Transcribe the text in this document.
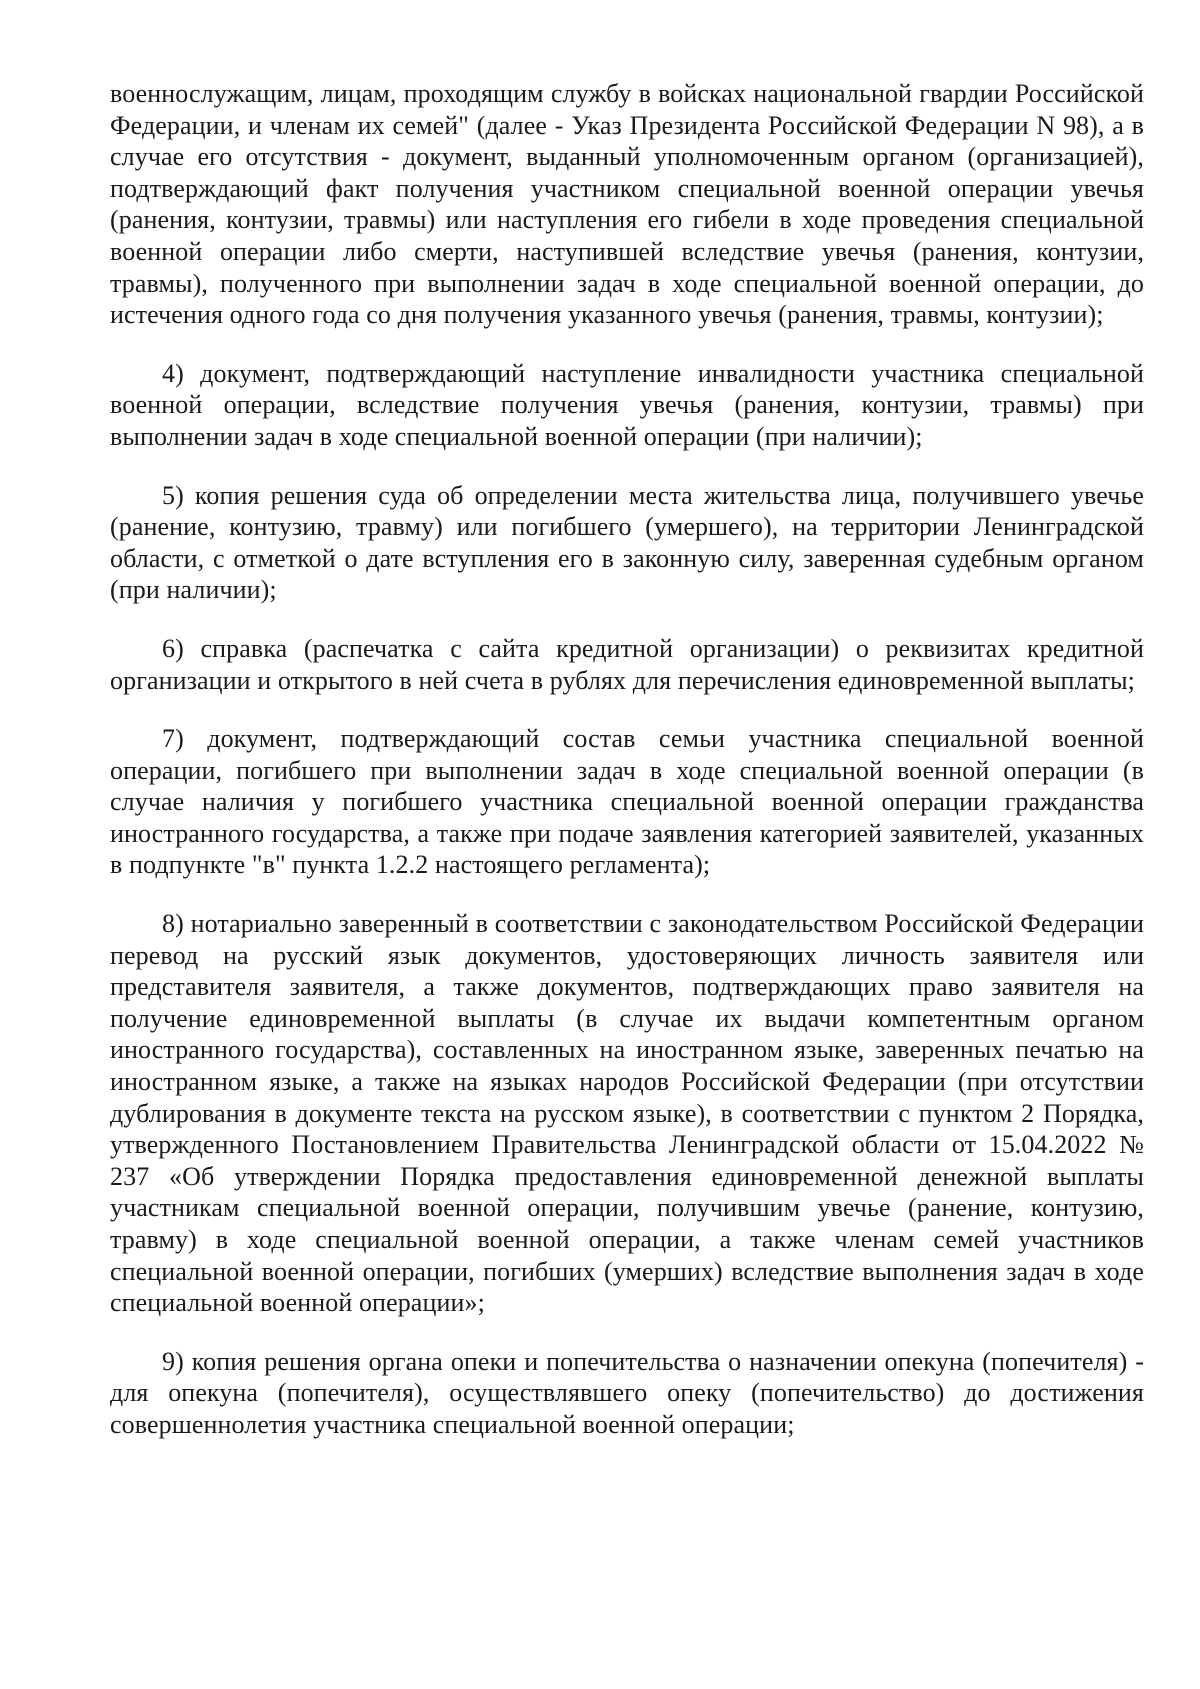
военнослужащим, лицам, проходящим службу в войсках национальной гвардии Российской Федерации, и членам их семей" (далее - Указ Президента Российской Федерации N 98), а в случае его отсутствия - документ, выданный уполномоченным органом (организацией), подтверждающий факт получения участником специальной военной операции увечья (ранения, контузии, травмы) или наступления его гибели в ходе проведения специальной военной операции либо смерти, наступившей вследствие увечья (ранения, контузии, травмы), полученного при выполнении задач в ходе специальной военной операции, до истечения одного года со дня получения указанного увечья (ранения, травмы, контузии);

4) документ, подтверждающий наступление инвалидности участника специальной военной операции, вследствие получения увечья (ранения, контузии, травмы) при выполнении задач в ходе специальной военной операции (при наличии);

5) копия решения суда об определении места жительства лица, получившего увечье (ранение, контузию, травму) или погибшего (умершего), на территории Ленинградской области, с отметкой о дате вступления его в законную силу, заверенная судебным органом (при наличии);

6) справка (распечатка с сайта кредитной организации) о реквизитах кредитной организации и открытого в ней счета в рублях для перечисления единовременной выплаты;

7) документ, подтверждающий состав семьи участника специальной военной операции, погибшего при выполнении задач в ходе специальной военной операции (в случае наличия у погибшего участника специальной военной операции гражданства иностранного государства, а также при подаче заявления категорией заявителей, указанных в подпункте "в" пункта 1.2.2 настоящего регламента);

8) нотариально заверенный в соответствии с законодательством Российской Федерации перевод на русский язык документов, удостоверяющих личность заявителя или представителя заявителя, а также документов, подтверждающих право заявителя на получение единовременной выплаты (в случае их выдачи компетентным органом иностранного государства), составленных на иностранном языке, заверенных печатью на иностранном языке, а также на языках народов Российской Федерации (при отсутствии дублирования в документе текста на русском языке), в соответствии с пунктом 2 Порядка, утвержденного Постановлением Правительства Ленинградской области от 15.04.2022 № 237 «Об утверждении Порядка предоставления единовременной денежной выплаты участникам специальной военной операции, получившим увечье (ранение, контузию, травму) в ходе специальной военной операции, а также членам семей участников специальной военной операции, погибших (умерших) вследствие выполнения задач в ходе специальной военной операции»;

9) копия решения органа опеки и попечительства о назначении опекуна (попечителя) - для опекуна (попечителя), осуществлявшего опеку (попечительство) до достижения совершеннолетия участника специальной военной операции;
